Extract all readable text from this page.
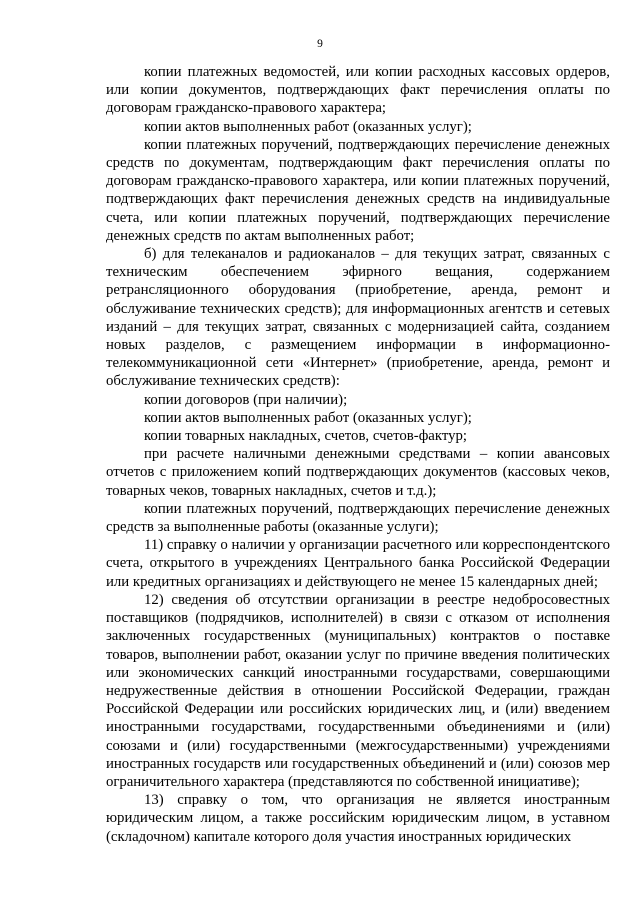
9

копии платежных ведомостей, или копии расходных кассовых ордеров, или копии документов, подтверждающих факт перечисления оплаты по договорам гражданско-правового характера;

копии актов выполненных работ (оказанных услуг);

копии платежных поручений, подтверждающих перечисление денежных средств по документам, подтверждающим факт перечисления оплаты по договорам гражданско-правового характера, или копии платежных поручений, подтверждающих факт перечисления денежных средств на индивидуальные счета, или копии платежных поручений, подтверждающих перечисление денежных средств по актам выполненных работ;

б) для телеканалов и радиоканалов – для текущих затрат, связанных с техническим обеспечением эфирного вещания, содержанием ретрансляционного оборудования (приобретение, аренда, ремонт и обслуживание технических средств); для информационных агентств и сетевых изданий – для текущих затрат, связанных с модернизацией сайта, созданием новых разделов, с размещением информации в информационно-телекоммуникационной сети «Интернет» (приобретение, аренда, ремонт и обслуживание технических средств):

копии договоров (при наличии);

копии актов выполненных работ (оказанных услуг);

копии товарных накладных, счетов, счетов-фактур;

при расчете наличными денежными средствами – копии авансовых отчетов с приложением копий подтверждающих документов (кассовых чеков, товарных чеков, товарных накладных, счетов и т.д.);

копии платежных поручений, подтверждающих перечисление денежных средств за выполненные работы (оказанные услуги);

11) справку о наличии у организации расчетного или корреспондентского счета, открытого в учреждениях Центрального банка Российской Федерации или кредитных организациях и действующего не менее 15 календарных дней;

12) сведения об отсутствии организации в реестре недобросовестных поставщиков (подрядчиков, исполнителей) в связи с отказом от исполнения заключенных государственных (муниципальных) контрактов о поставке товаров, выполнении работ, оказании услуг по причине введения политических или экономических санкций иностранными государствами, совершающими недружественные действия в отношении Российской Федерации, граждан Российской Федерации или российских юридических лиц, и (или) введением иностранными государствами, государственными объединениями и (или) союзами и (или) государственными (межгосударственными) учреждениями иностранных государств или государственных объединений и (или) союзов мер ограничительного характера (представляются по собственной инициативе);

13) справку о том, что организация не является иностранным юридическим лицом, а также российским юридическим лицом, в уставном (складочном) капитале которого доля участия иностранных юридических
